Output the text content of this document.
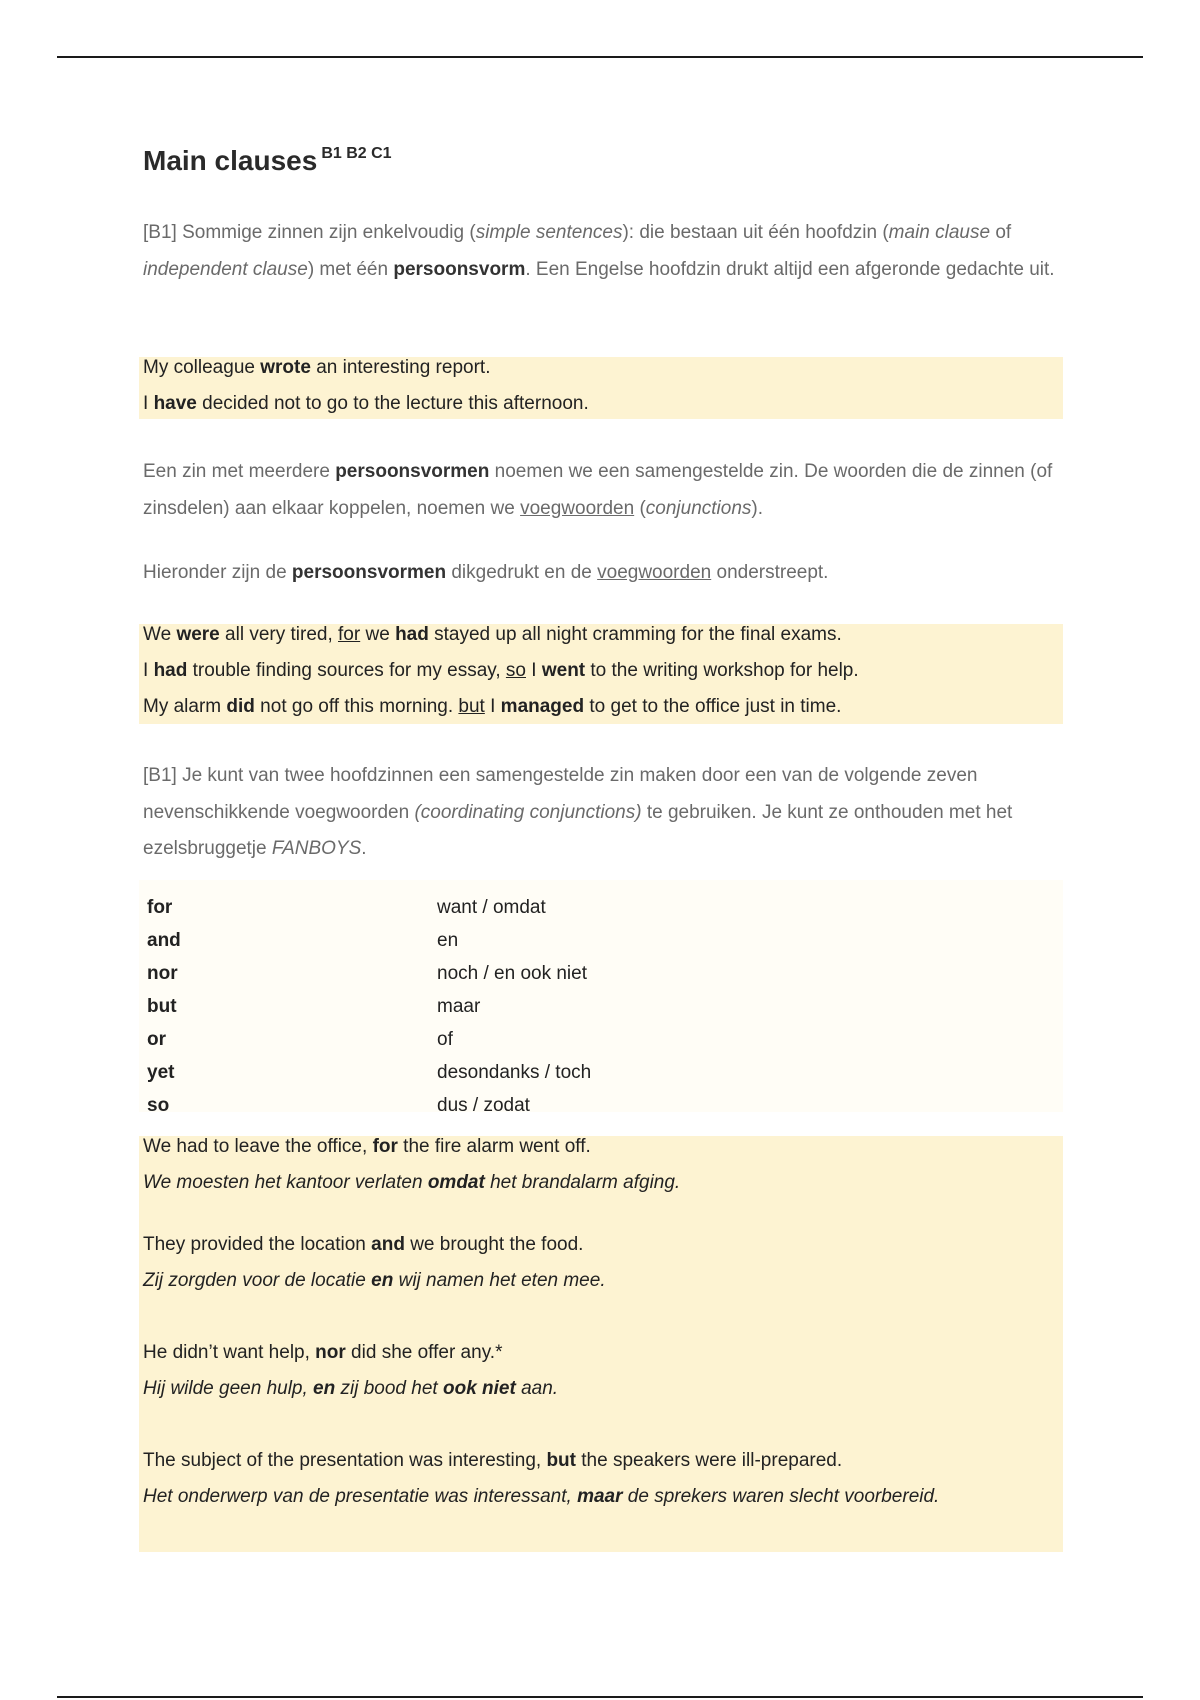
Main clauses $^{B1 B2 C1}$

[B1] Sommige zinnen zijn enkelvoudig (simple sentences): die bestaan uit één hoofdzin (main clause of independent clause) met één persoonsvorm. Een Engelse hoofdzin drukt altijd een afgeronde gedachte uit.

My colleague wrote an interesting report.
I have decided not to go to the lecture this afternoon.

Een zin met meerdere persoonsvormen noemen we een samengestelde zin. De woorden die de zinnen (of zinsdelen) aan elkaar koppelen, noemen we voegwoorden (conjunctions).

Hieronder zijn de persoonsvormen dikgedrukt en de voegwoorden onderstreept.

We were all very tired, for we had stayed up all night cramming for the final exams.
I had trouble finding sources for my essay, so I went to the writing workshop for help.
My alarm did not go off this morning. but I managed to get to the office just in time.

[B1] Je kunt van twee hoofdzinnen een samengestelde zin maken door een van de volgende zeven nevenschikkende voegwoorden (coordinating conjunctions) te gebruiken. Je kunt ze onthouden met het ezelsbruggetje FANBOYS.

for	want / omdat
and	en
nor	noch / en ook niet
but	maar
or	of
yet	desondanks / toch
so	dus / zodat
We had to leave the office, for the fire alarm went off.
We moesten het kantoor verlaten omdat het brandalarm afging.
They provided the location and we brought the food.
Zij zorgden voor de locatie en wij namen het eten mee.
He didn’t want help, nor did she offer any.*
Hij wilde geen hulp, en zij bood het ook niet aan.
The subject of the presentation was interesting, but the speakers were ill-prepared.
Het onderwerp van de presentatie was interessant, maar de sprekers waren slecht voorbereid.
